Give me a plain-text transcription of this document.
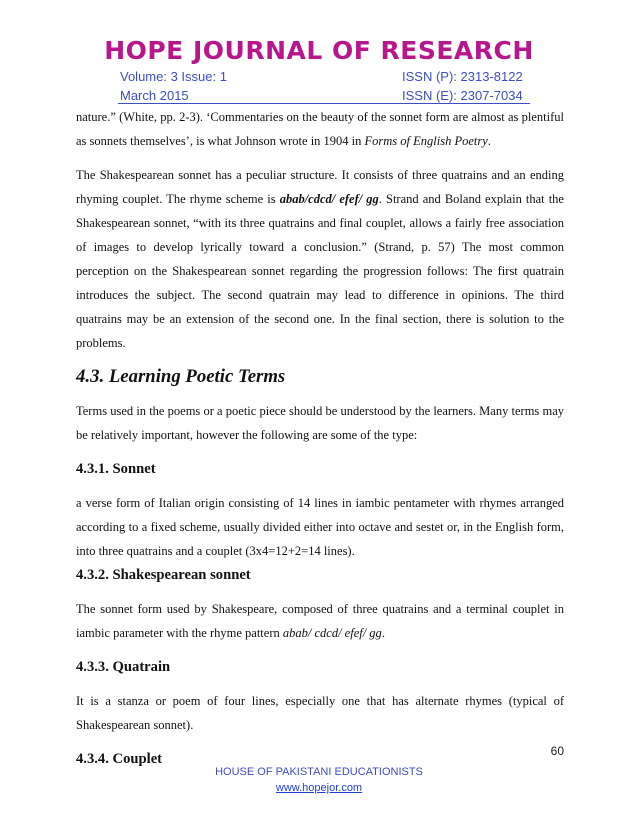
HOPE JOURNAL OF RESEARCH
Volume: 3 Issue: 1	ISSN (P): 2313-8122
March 2015	ISSN (E): 2307-7034

nature.” (White, pp. 2-3). ‘Commentaries on the beauty of the sonnet form are almost as plentiful as sonnets themselves’, is what Johnson wrote in 1904 in Forms of English Poetry.

The Shakespearean sonnet has a peculiar structure. It consists of three quatrains and an ending rhyming couplet. The rhyme scheme is abab/cdcd/ efef/ gg. Strand and Boland explain that the Shakespearean sonnet, “with its three quatrains and final couplet, allows a fairly free association of images to develop lyrically toward a conclusion.” (Strand, p. 57) The most common perception on the Shakespearean sonnet regarding the progression follows: The first quatrain introduces the subject. The second quatrain may lead to difference in opinions. The third quatrains may be an extension of the second one. In the final section, there is solution to the problems.

4.3. Learning Poetic Terms

Terms used in the poems or a poetic piece should be understood by the learners. Many terms may be relatively important, however the following are some of the type:

4.3.1. Sonnet

a verse form of Italian origin consisting of 14 lines in iambic pentameter with rhymes arranged according to a fixed scheme, usually divided either into octave and sestet or, in the English form, into three quatrains and a couplet (3x4=12+2=14 lines).

4.3.2. Shakespearean sonnet

The sonnet form used by Shakespeare, composed of three quatrains and a terminal couplet in iambic parameter with the rhyme pattern abab/ cdcd/ efef/ gg.

4.3.3. Quatrain

It is a stanza or poem of four lines, especially one that has alternate rhymes (typical of Shakespearean sonnet).

4.3.4. Couplet	60
HOUSE OF PAKISTANI EDUCATIONISTS
www.hopejor.com
